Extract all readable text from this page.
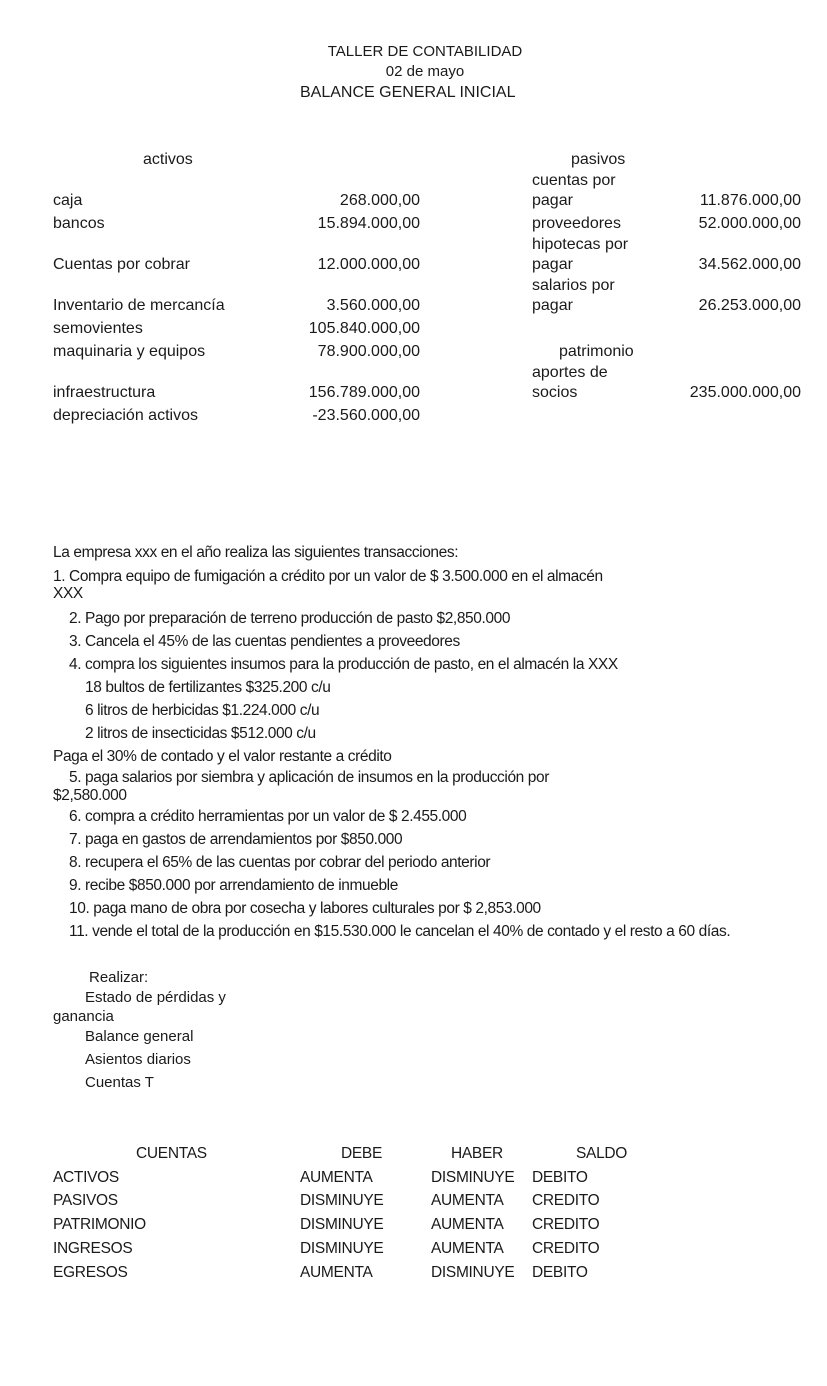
TALLER DE CONTABILIDAD
02 de mayo
BALANCE GENERAL INICIAL
activos
caja	268.000,00
bancos	15.894.000,00
Cuentas por cobrar	12.000.000,00
Inventario de mercancía	3.560.000,00
semovientes	105.840.000,00
maquinaria y equipos	78.900.000,00
infraestructura	156.789.000,00
depreciación activos	-23.560.000,00
pasivos
cuentas por
pagar	11.876.000,00
proveedores	52.000.000,00
hipotecas por
pagar	34.562.000,00
salarios por
pagar	26.253.000,00
patrimonio
aportes de
socios	235.000.000,00
La empresa xxx en el año realiza las siguientes transacciones:
1. Compra equipo de fumigación a crédito por un valor de $ 3.500.000 en el almacén
XXX
2. Pago por preparación de terreno producción de pasto $2,850.000
3. Cancela el 45% de las cuentas pendientes a proveedores
4. compra los siguientes insumos para la producción de pasto, en el almacén la XXX
18 bultos de fertilizantes $325.200 c/u
6 litros de herbicidas $1.224.000 c/u
2 litros de insecticidas $512.000 c/u
Paga el 30% de contado y el valor restante a crédito
5. paga salarios por siembra y aplicación de insumos en la producción por
$2,580.000
6. compra a crédito herramientas por un valor de $ 2.455.000
7. paga en gastos de arrendamientos por $850.000
8. recupera el 65% de las cuentas por cobrar del periodo anterior
9. recibe $850.000 por arrendamiento de inmueble
10. paga mano de obra por cosecha y labores culturales por $ 2,853.000
11. vende el total de la producción en $15.530.000 le cancelan el 40% de contado y el resto a 60 días.
Realizar:
Estado de pérdidas y
ganancia
Balance general
Asientos diarios
Cuentas T
CUENTAS	DEBE	HABER	SALDO
ACTIVOS	AUMENTA	DISMINUYE DEBITO
PASIVOS	DISMINUYE	AUMENTA CREDITO
PATRIMONIO	DISMINUYE	AUMENTA CREDITO
INGRESOS	DISMINUYE	AUMENTA CREDITO
EGRESOS	AUMENTA	DISMINUYE DEBITO
